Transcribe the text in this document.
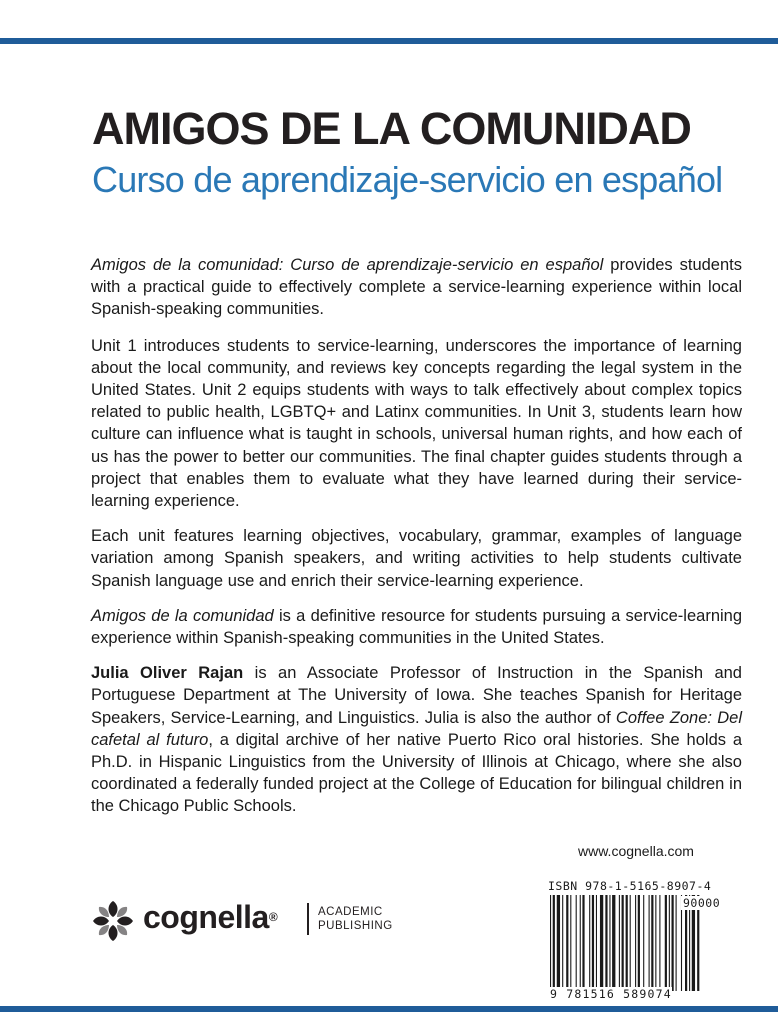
AMIGOS DE LA COMUNIDAD
Curso de aprendizaje-servicio en español

Amigos de la comunidad: Curso de aprendizaje-servicio en español provides students with a practical guide to effectively complete a service-learning experience within local Spanish-speaking communities.

Unit 1 introduces students to service-learning, underscores the importance of learning about the local community, and reviews key concepts regarding the legal system in the United States. Unit 2 equips students with ways to talk effectively about complex topics related to public health, LGBTQ+ and Latinx communities. In Unit 3, students learn how culture can influence what is taught in schools, universal human rights, and how each of us has the power to better our communities. The final chapter guides students through a project that enables them to evaluate what they have learned during their service-learning experience.

Each unit features learning objectives, vocabulary, grammar, examples of language variation among Spanish speakers, and writing activities to help students cultivate Spanish language use and enrich their service-learning experience.

Amigos de la comunidad is a definitive resource for students pursuing a service-learning experience within Spanish-speaking communities in the United States.

Julia Oliver Rajan is an Associate Professor of Instruction in the Spanish and Portuguese Department at The University of Iowa. She teaches Spanish for Heritage Speakers, Service-Learning, and Linguistics. Julia is also the author of Coffee Zone: Del cafetal al futuro, a digital archive of her native Puerto Rico oral histories. She holds a Ph.D. in Hispanic Linguistics from the University of Illinois at Chicago, where she also coordinated a federally funded project at the College of Education for bilingual children in the Chicago Public Schools.

www.cognella.com
cognella®	ACADEMIC
PUBLISHING
ISBN 978-1-5165-8907-4
90000
9 781516 589074
